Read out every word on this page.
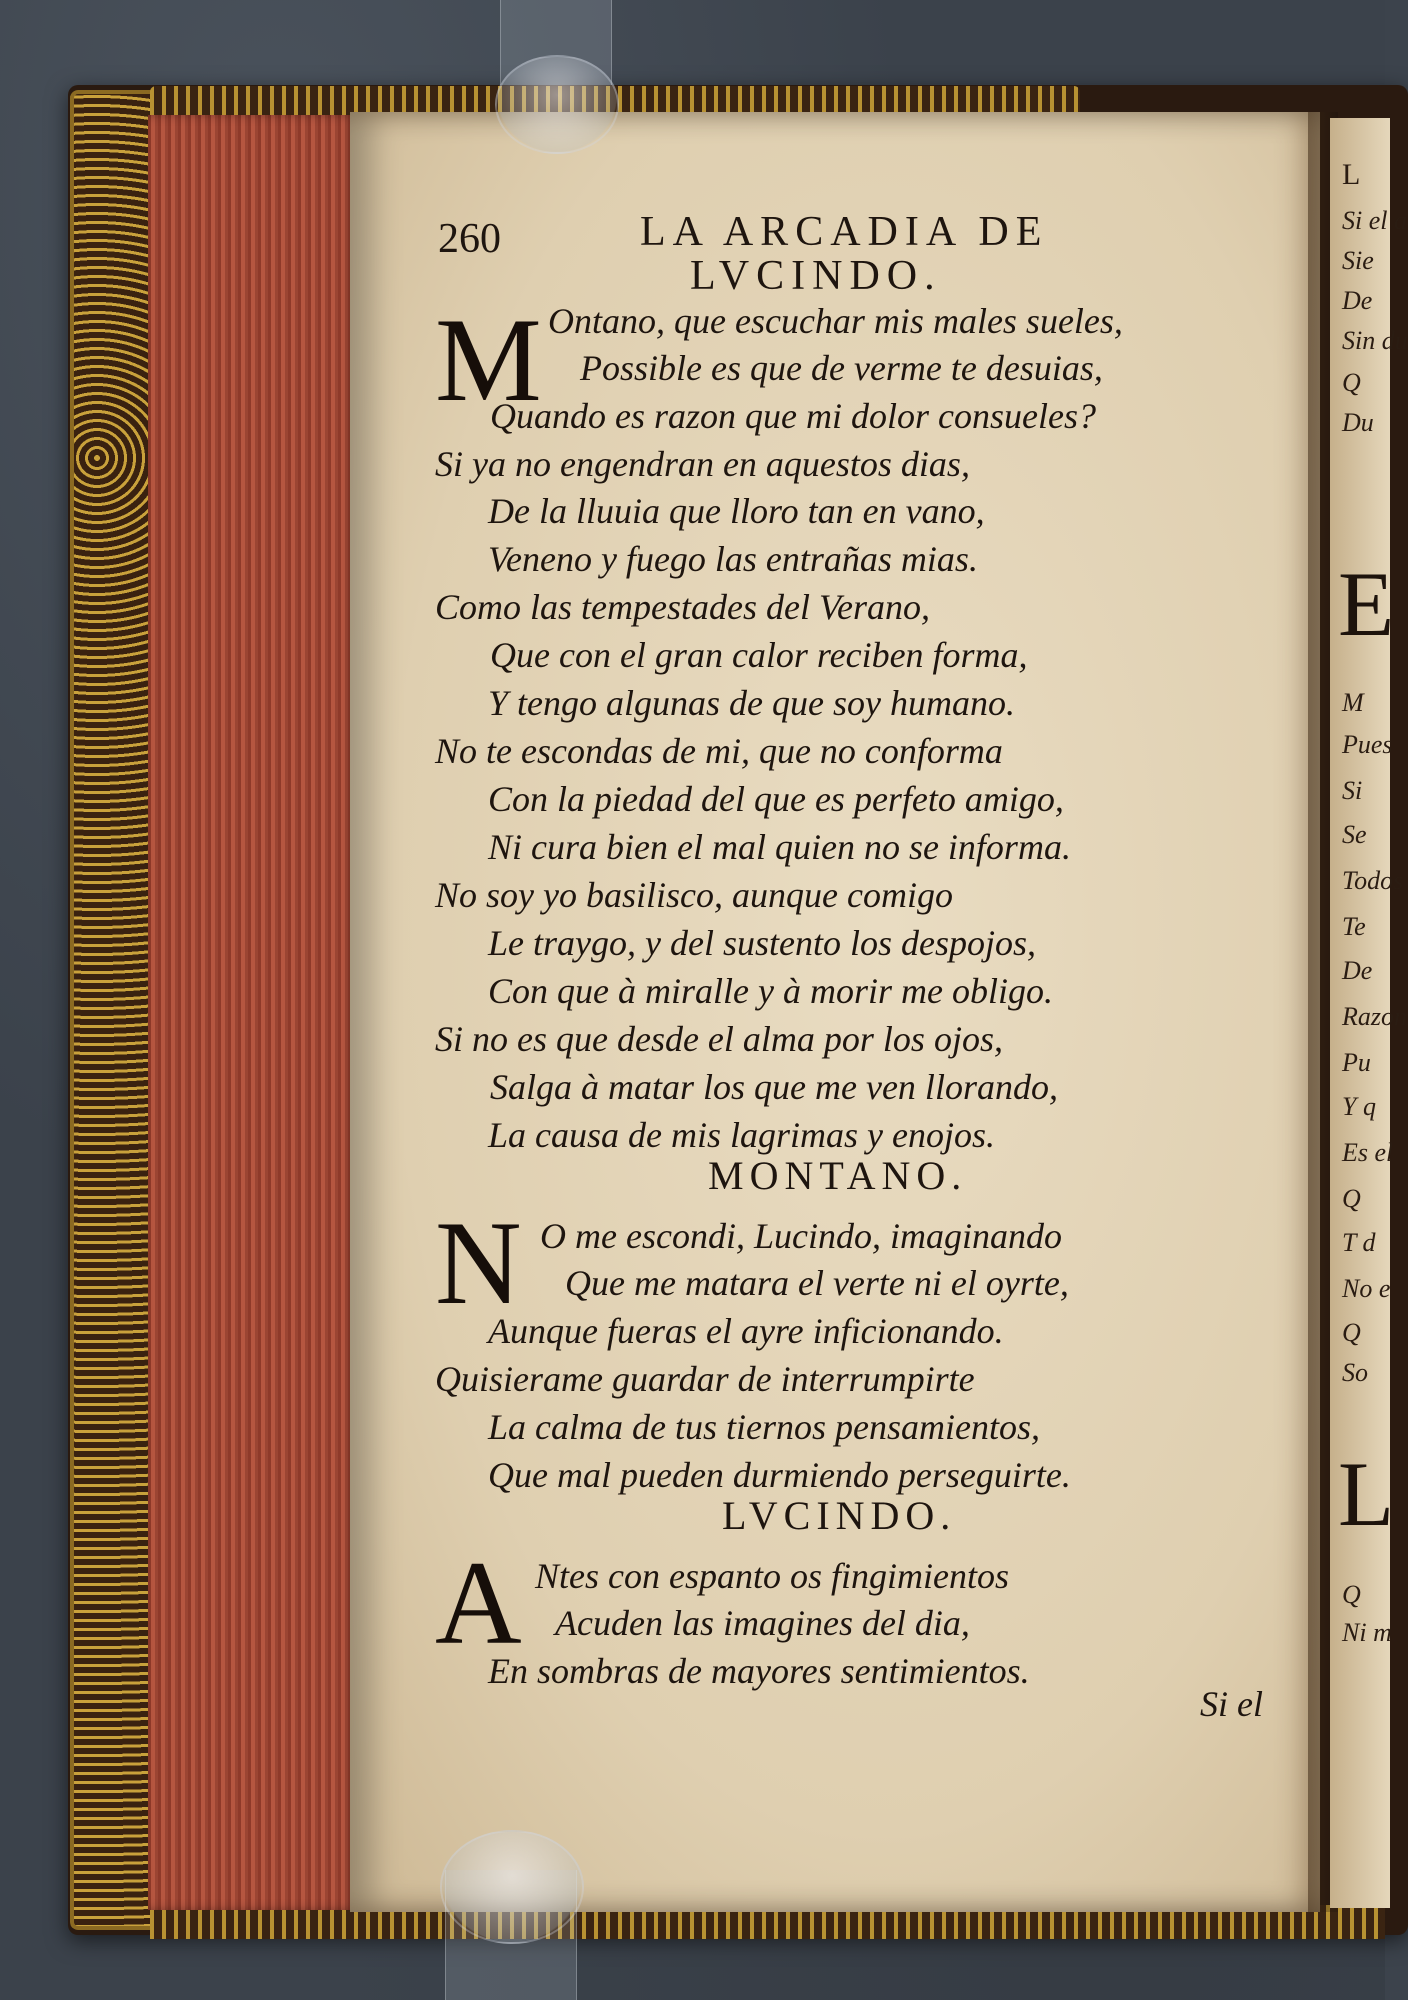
L
Si el a
Sie
De
Sin du
Q
Du
E
M
Pues
Si
Se
Todos
Te
De
Razon
Pu
Y q
Es el
Q
T d
No e
Q
So
L
Q
Ni m
260	LA ARCADIA DE
LVCINDO.
M Ontano, que escuchar mis males sueles,
Possible es que de verme te desuias,
Quando es razon que mi dolor consueles?
Si ya no engendran en aquestos dias,
De la lluuia que lloro tan en vano,
Veneno y fuego las entrañas mias.
Como las tempestades del Verano,
Que con el gran calor reciben forma,
Y tengo algunas de que soy humano.
No te escondas de mi, que no conforma
Con la piedad del que es perfeto amigo,
Ni cura bien el mal quien no se informa.
No soy yo basilisco, aunque comigo
Le traygo, y del sustento los despojos,
Con que à miralle y à morir me obligo.
Si no es que desde el alma por los ojos,
Salga à matar los que me ven llorando,
La causa de mis lagrimas y enojos.
MONTANO.
N O me escondi, Lucindo, imaginando
Que me matara el verte ni el oyrte,
Aunque fueras el ayre inficionando.
Quisierame guardar de interrumpirte
La calma de tus tiernos pensamientos,
Que mal pueden durmiendo perseguirte.
LVCINDO.
A Ntes con espanto os fingimientos
Acuden las imagines del dia,
En sombras de mayores sentimientos.
Si el
